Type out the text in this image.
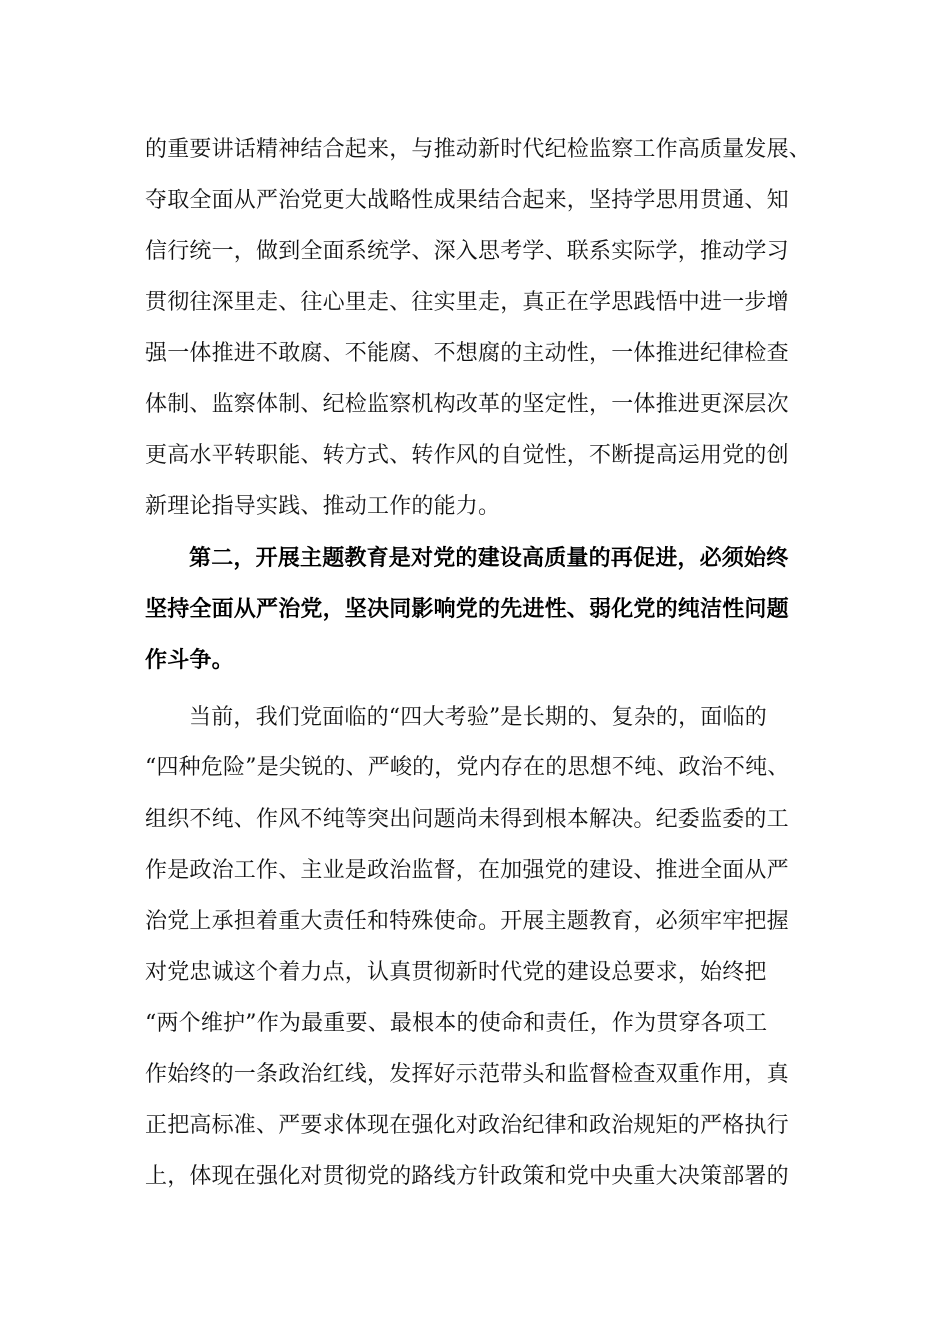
的重要讲话精神结合起来，与推动新时代纪检监察工作高质量发展、
夺取全面从严治党更大战略性成果结合起来，坚持学思用贯通、知
信行统一，做到全面系统学、深入思考学、联系实际学，推动学习
贯彻往深里走、往心里走、往实里走，真正在学思践悟中进一步增
强一体推进不敢腐、不能腐、不想腐的主动性，一体推进纪律检查
体制、监察体制、纪检监察机构改革的坚定性，一体推进更深层次
更高水平转职能、转方式、转作风的自觉性，不断提高运用党的创
新理论指导实践、推动工作的能力。
第二，开展主题教育是对党的建设高质量的再促进，必须始终
坚持全面从严治党，坚决同影响党的先进性、弱化党的纯洁性问题
作斗争。
当前，我们党面临的“四大考验”是长期的、复杂的，面临的
“四种危险”是尖锐的、严峻的，党内存在的思想不纯、政治不纯、
组织不纯、作风不纯等突出问题尚未得到根本解决。纪委监委的工
作是政治工作、主业是政治监督，在加强党的建设、推进全面从严
治党上承担着重大责任和特殊使命。开展主题教育，必须牢牢把握
对党忠诚这个着力点，认真贯彻新时代党的建设总要求，始终把
“两个维护”作为最重要、最根本的使命和责任，作为贯穿各项工
作始终的一条政治红线，发挥好示范带头和监督检查双重作用，真
正把高标准、严要求体现在强化对政治纪律和政治规矩的严格执行
上，体现在强化对贯彻党的路线方针政策和党中央重大决策部署的
